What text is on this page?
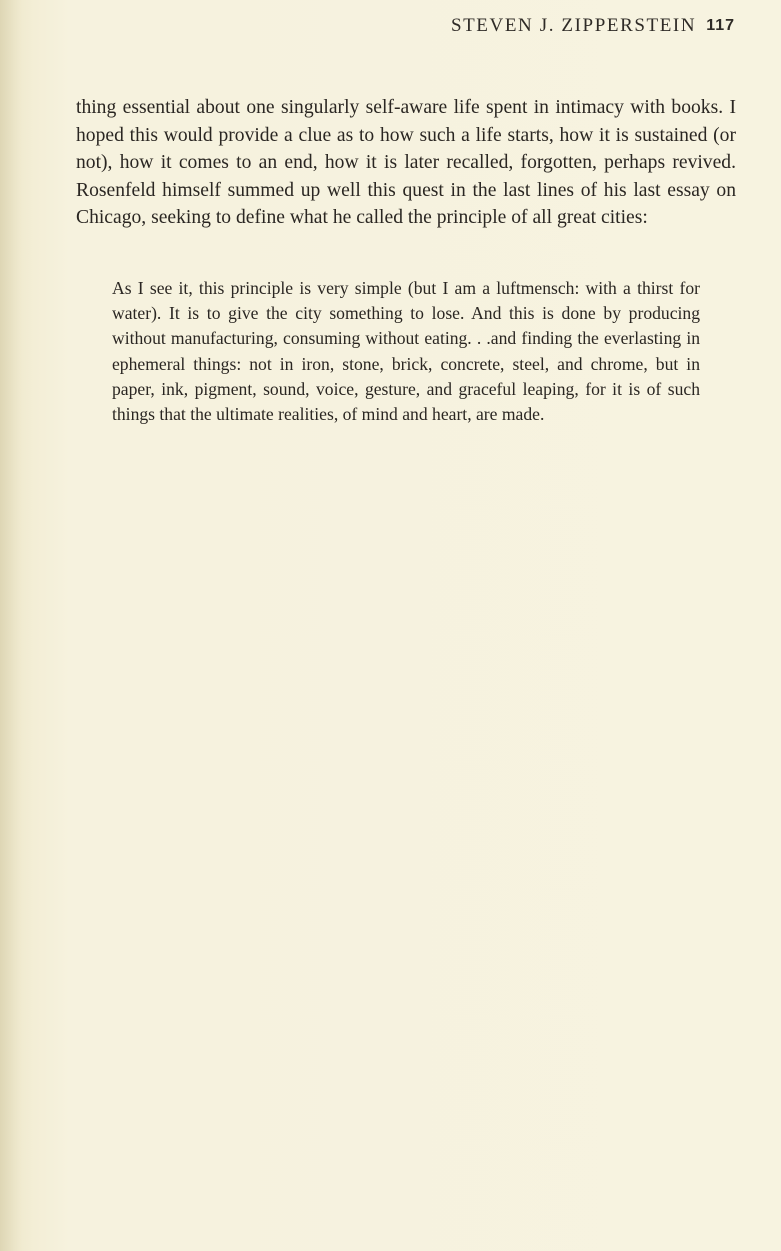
STEVEN J. ZIPPERSTEIN 117

thing essential about one singularly self-aware life spent in intimacy with books. I hoped this would provide a clue as to how such a life starts, how it is sustained (or not), how it comes to an end, how it is later recalled, forgotten, perhaps revived. Rosenfeld himself summed up well this quest in the last lines of his last essay on Chicago, seeking to define what he called the principle of all great cities:

As I see it, this principle is very simple (but I am a luftmensch: with a thirst for water). It is to give the city something to lose. And this is done by producing without manufacturing, consuming without eating. . .and finding the everlasting in ephemeral things: not in iron, stone, brick, concrete, steel, and chrome, but in paper, ink, pigment, sound, voice, gesture, and graceful leaping, for it is of such things that the ultimate realities, of mind and heart, are made.
